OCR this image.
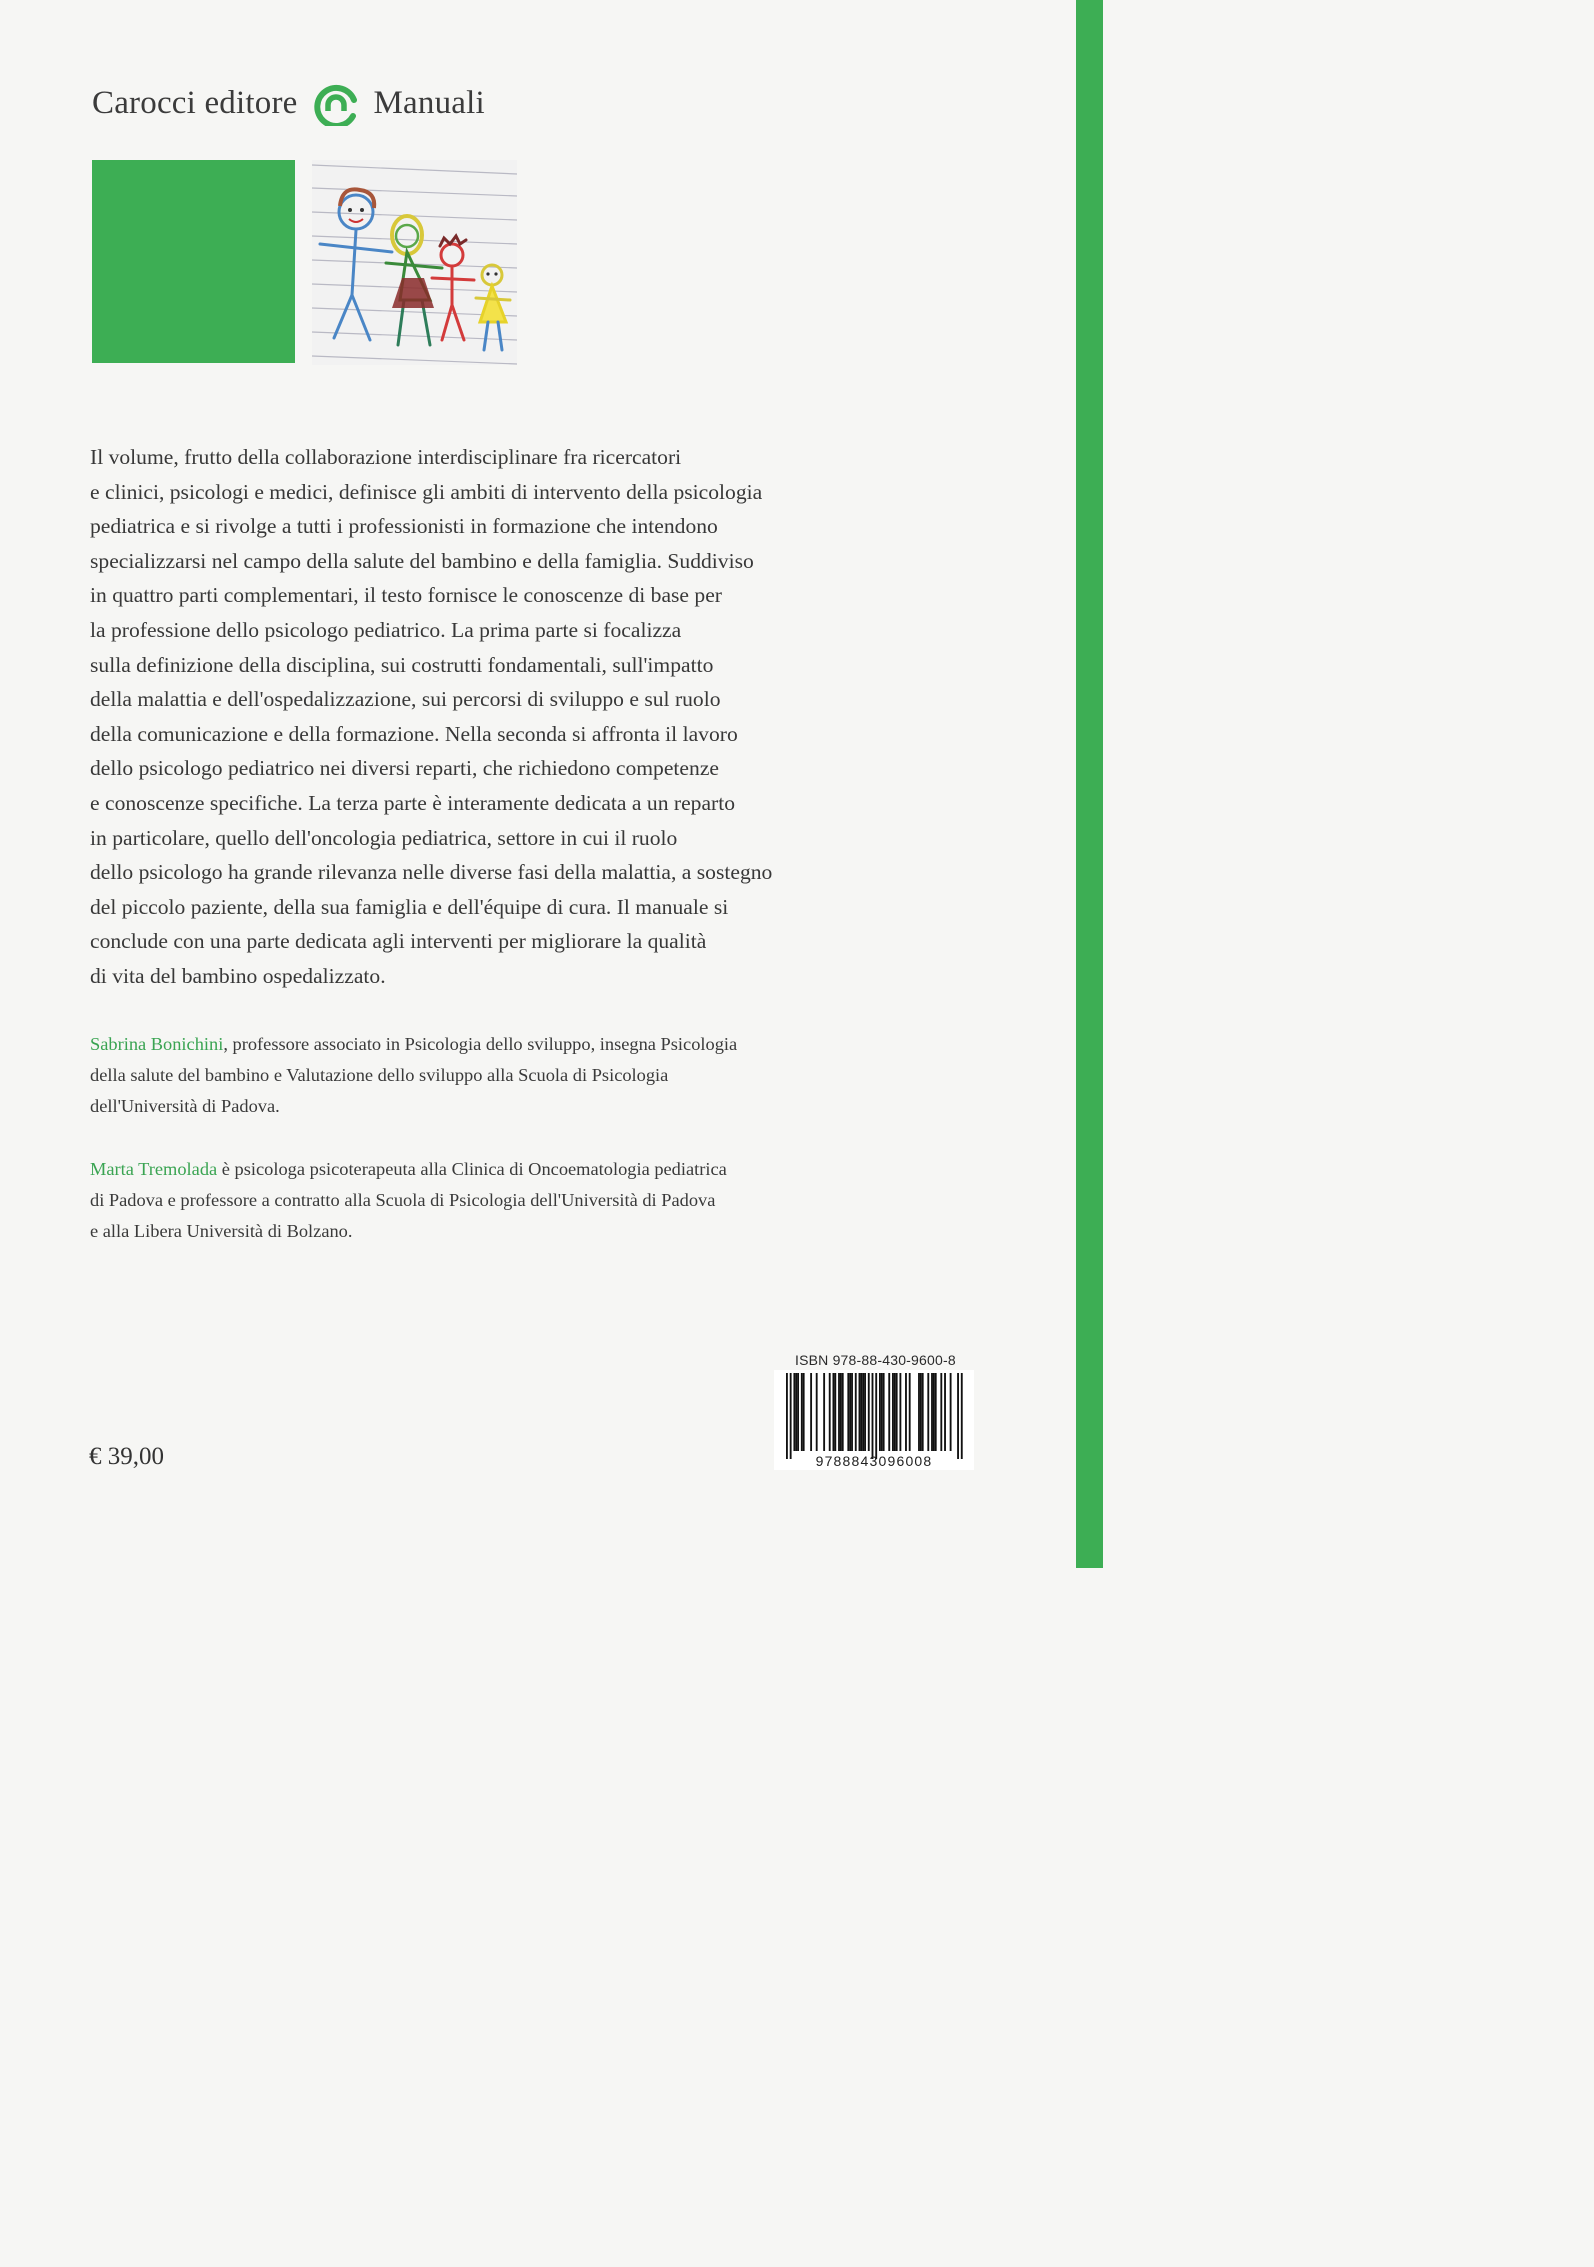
Carocci editore Manuali
Il volume, frutto della collaborazione interdisciplinare fra ricercatori
e clinici, psicologi e medici, definisce gli ambiti di intervento della psicologia
pediatrica e si rivolge a tutti i professionisti in formazione che intendono
specializzarsi nel campo della salute del bambino e della famiglia. Suddiviso
in quattro parti complementari, il testo fornisce le conoscenze di base per
la professione dello psicologo pediatrico. La prima parte si focalizza
sulla definizione della disciplina, sui costrutti fondamentali, sull'impatto
della malattia e dell'ospedalizzazione, sui percorsi di sviluppo e sul ruolo
della comunicazione e della formazione. Nella seconda si affronta il lavoro
dello psicologo pediatrico nei diversi reparti, che richiedono competenze
e conoscenze specifiche. La terza parte è interamente dedicata a un reparto
in particolare, quello dell'oncologia pediatrica, settore in cui il ruolo
dello psicologo ha grande rilevanza nelle diverse fasi della malattia, a sostegno
del piccolo paziente, della sua famiglia e dell'équipe di cura. Il manuale si
conclude con una parte dedicata agli interventi per migliorare la qualità
di vita del bambino ospedalizzato.
Sabrina Bonichini, professore associato in Psicologia dello sviluppo, insegna Psicologia
della salute del bambino e Valutazione dello sviluppo alla Scuola di Psicologia
dell'Università di Padova.
Marta Tremolada è psicologa psicoterapeuta alla Clinica di Oncoematologia pediatrica
di Padova e professore a contratto alla Scuola di Psicologia dell'Università di Padova
e alla Libera Università di Bolzano.
ISBN 978-88-430-9600-8
9788843096008
€ 39,00
